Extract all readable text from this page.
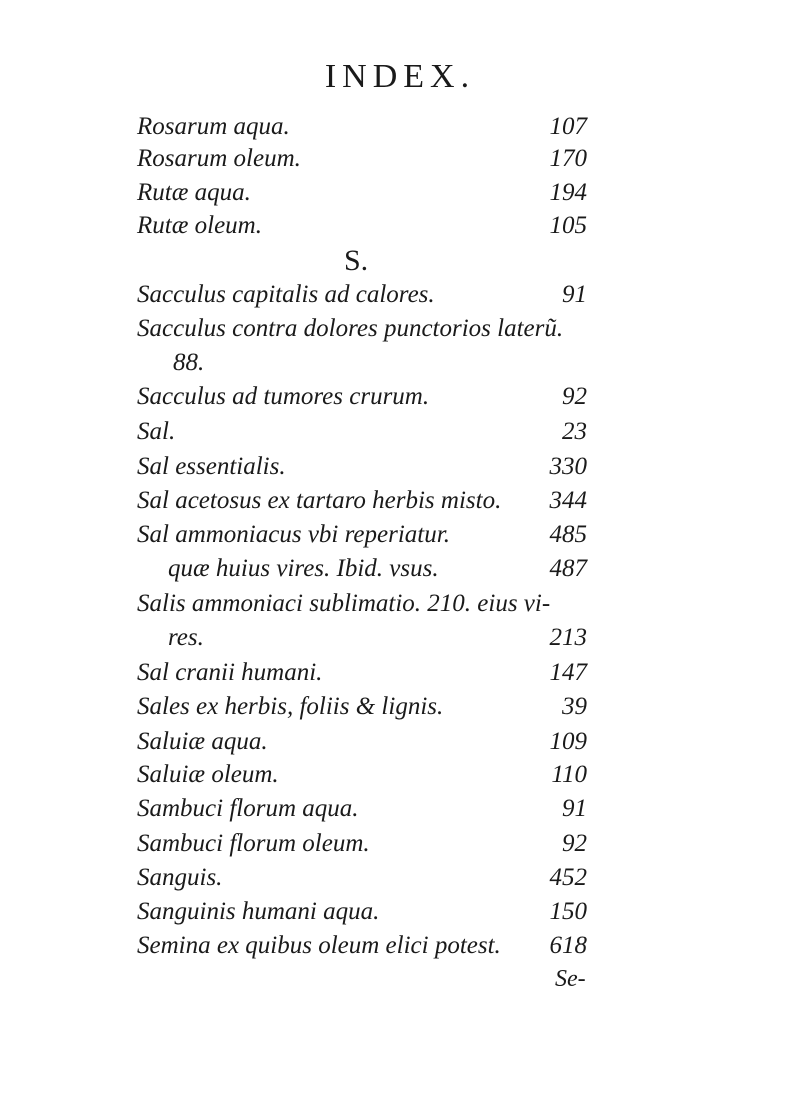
INDEX.
Rosarum aqua.	107
Rosarum oleum.	170
Rutæ aqua.	194
Rutæ oleum.	105
S.
Sacculus capitalis ad calores.	91
Sacculus contra dolores punctorios laterũ.
88.
Sacculus ad tumores crurum.	92
Sal.	23
Sal essentialis.	330
Sal acetosus ex tartaro herbis misto. 344
Sal ammoniacus vbi reperiatur.	485
quæ huius vires. Ibid. vsus.	487
Salis ammoniaci sublimatio. 210. eius vi-
res.	213
Sal cranii humani.	147
Sales ex herbis, foliis & lignis.	39
Saluiæ aqua.	109
Saluiæ oleum.	110
Sambuci florum aqua.	91
Sambuci florum oleum.	92
Sanguis.	452
Sanguinis humani aqua.	150
Semina ex quibus oleum elici potest. 618
Se-
